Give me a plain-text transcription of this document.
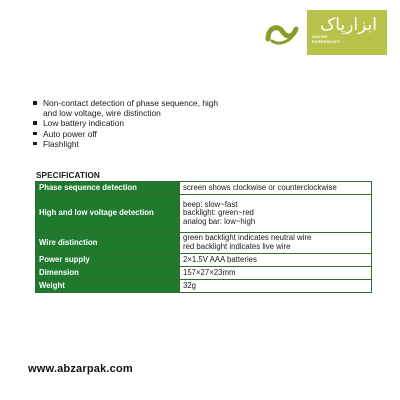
ابزارپاک
ABZAR
PARSEBASIT
Non-contact detection of phase sequence, high and low voltage, wire distinction
Low battery indication
Auto power off
Flashlight
SPECIFICATION
Phase sequence detection	screen shows clockwise or counterclockwise

High and low voltage detection	beep: slow~fast
backlight: green~red
analog bar: low~high

Wire distinction	green backlight indicates neutral wire
red backlight indicates live wire

Power supply	2×1.5V AAA batteries

Dimension	157×27×23mm

Weight	32g
www.abzarpak.com
